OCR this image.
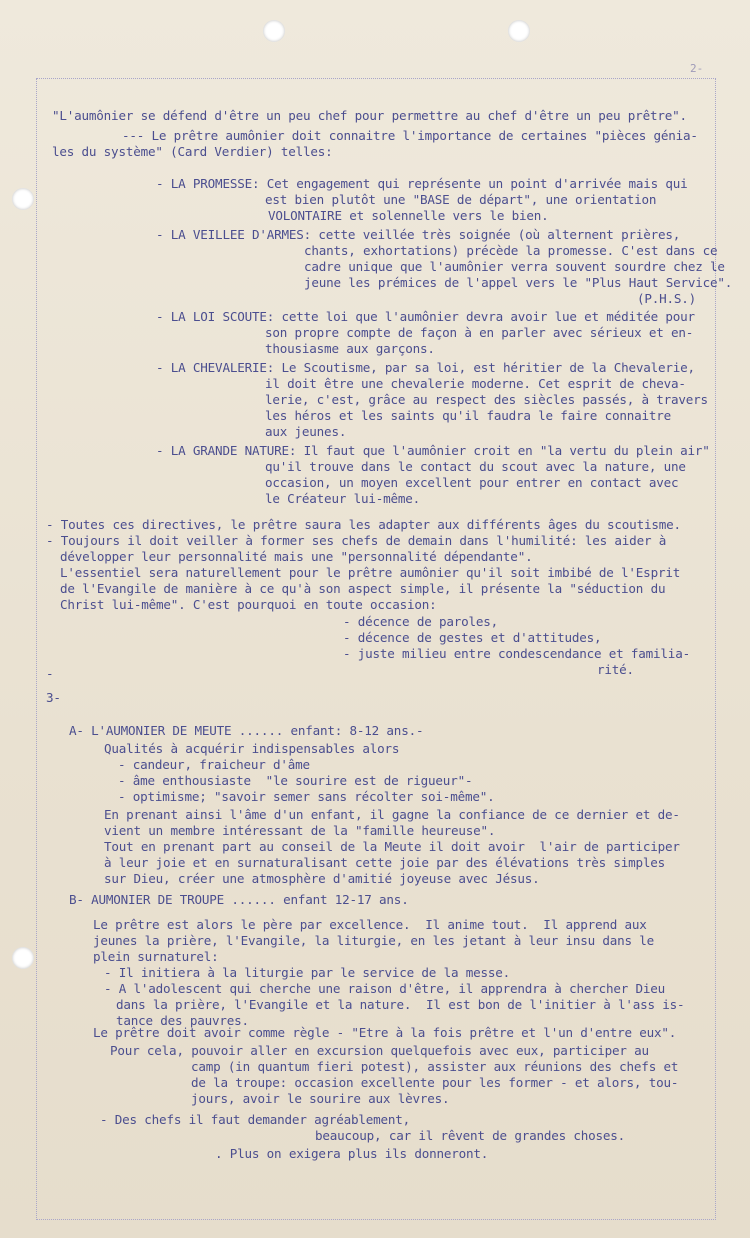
2-
"L'aumônier se défend d'être un peu chef pour permettre au chef d'être un peu prêtre".
--- Le prêtre aumônier doit connaitre l'importance de certaines "pièces génia-
les du système" (Card Verdier) telles:
- LA PROMESSE: Cet engagement qui représente un point d'arrivée mais qui
est bien plutôt une "BASE de départ", une orientation
VOLONTAIRE et solennelle vers le bien.
- LA VEILLEE D'ARMES: cette veillée très soignée (où alternent prières,
chants, exhortations) précède la promesse. C'est dans ce
cadre unique que l'aumônier verra souvent sourdre chez le
jeune les prémices de l'appel vers le "Plus Haut Service".
(P.H.S.)
- LA LOI SCOUTE: cette loi que l'aumônier devra avoir lue et méditée pour
son propre compte de façon à en parler avec sérieux et en-
thousiasme aux garçons.
- LA CHEVALERIE: Le Scoutisme, par sa loi, est héritier de la Chevalerie,
il doit être une chevalerie moderne. Cet esprit de cheva-
lerie, c'est, grâce au respect des siècles passés, à travers
les héros et les saints qu'il faudra le faire connaitre
aux jeunes.
- LA GRANDE NATURE: Il faut que l'aumônier croit en "la vertu du plein air"
qu'il trouve dans le contact du scout avec la nature, une
occasion, un moyen excellent pour entrer en contact avec
le Créateur lui-même.
- Toutes ces directives, le prêtre saura les adapter aux différents âges du scoutisme.
- Toujours il doit veiller à former ses chefs de demain dans l'humilité: les aider à
développer leur personnalité mais une "personnalité dépendante".
L'essentiel sera naturellement pour le prêtre aumônier qu'il soit imbibé de l'Esprit
de l'Evangile de manière à ce qu'à son aspect simple, il présente la "séduction du
Christ lui-même". C'est pourquoi en toute occasion:
- décence de paroles,
- décence de gestes et d'attitudes,
- juste milieu entre condescendance et familia-
rité.
-
3-
A- L'AUMONIER DE MEUTE ...... enfant: 8-12 ans.-
Qualités à acquérir indispensables alors
- candeur, fraicheur d'âme
- âme enthousiaste  "le sourire est de rigueur"-
- optimisme; "savoir semer sans récolter soi-même".
En prenant ainsi l'âme d'un enfant, il gagne la confiance de ce dernier et de-
vient un membre intéressant de la "famille heureuse".
Tout en prenant part au conseil de la Meute il doit avoir  l'air de participer
à leur joie et en surnaturalisant cette joie par des élévations très simples
sur Dieu, créer une atmosphère d'amitié joyeuse avec Jésus.
B- AUMONIER DE TROUPE ...... enfant 12-17 ans.
Le prêtre est alors le père par excellence.  Il anime tout.  Il apprend aux
jeunes la prière, l'Evangile, la liturgie, en les jetant à leur insu dans le
plein surnaturel:
- Il initiera à la liturgie par le service de la messe.
- A l'adolescent qui cherche une raison d'être, il apprendra à chercher Dieu
dans la prière, l'Evangile et la nature.  Il est bon de l'initier à l'ass is-
tance des pauvres.
Le prêtre doit avoir comme règle - "Etre à la fois prêtre et l'un d'entre eux".
Pour cela, pouvoir aller en excursion quelquefois avec eux, participer au
camp (in quantum fieri potest), assister aux réunions des chefs et
de la troupe: occasion excellente pour les former - et alors, tou-
jours, avoir le sourire aux lèvres.
- Des chefs il faut demander agréablement,
beaucoup, car il rêvent de grandes choses.
. Plus on exigera plus ils donneront.
